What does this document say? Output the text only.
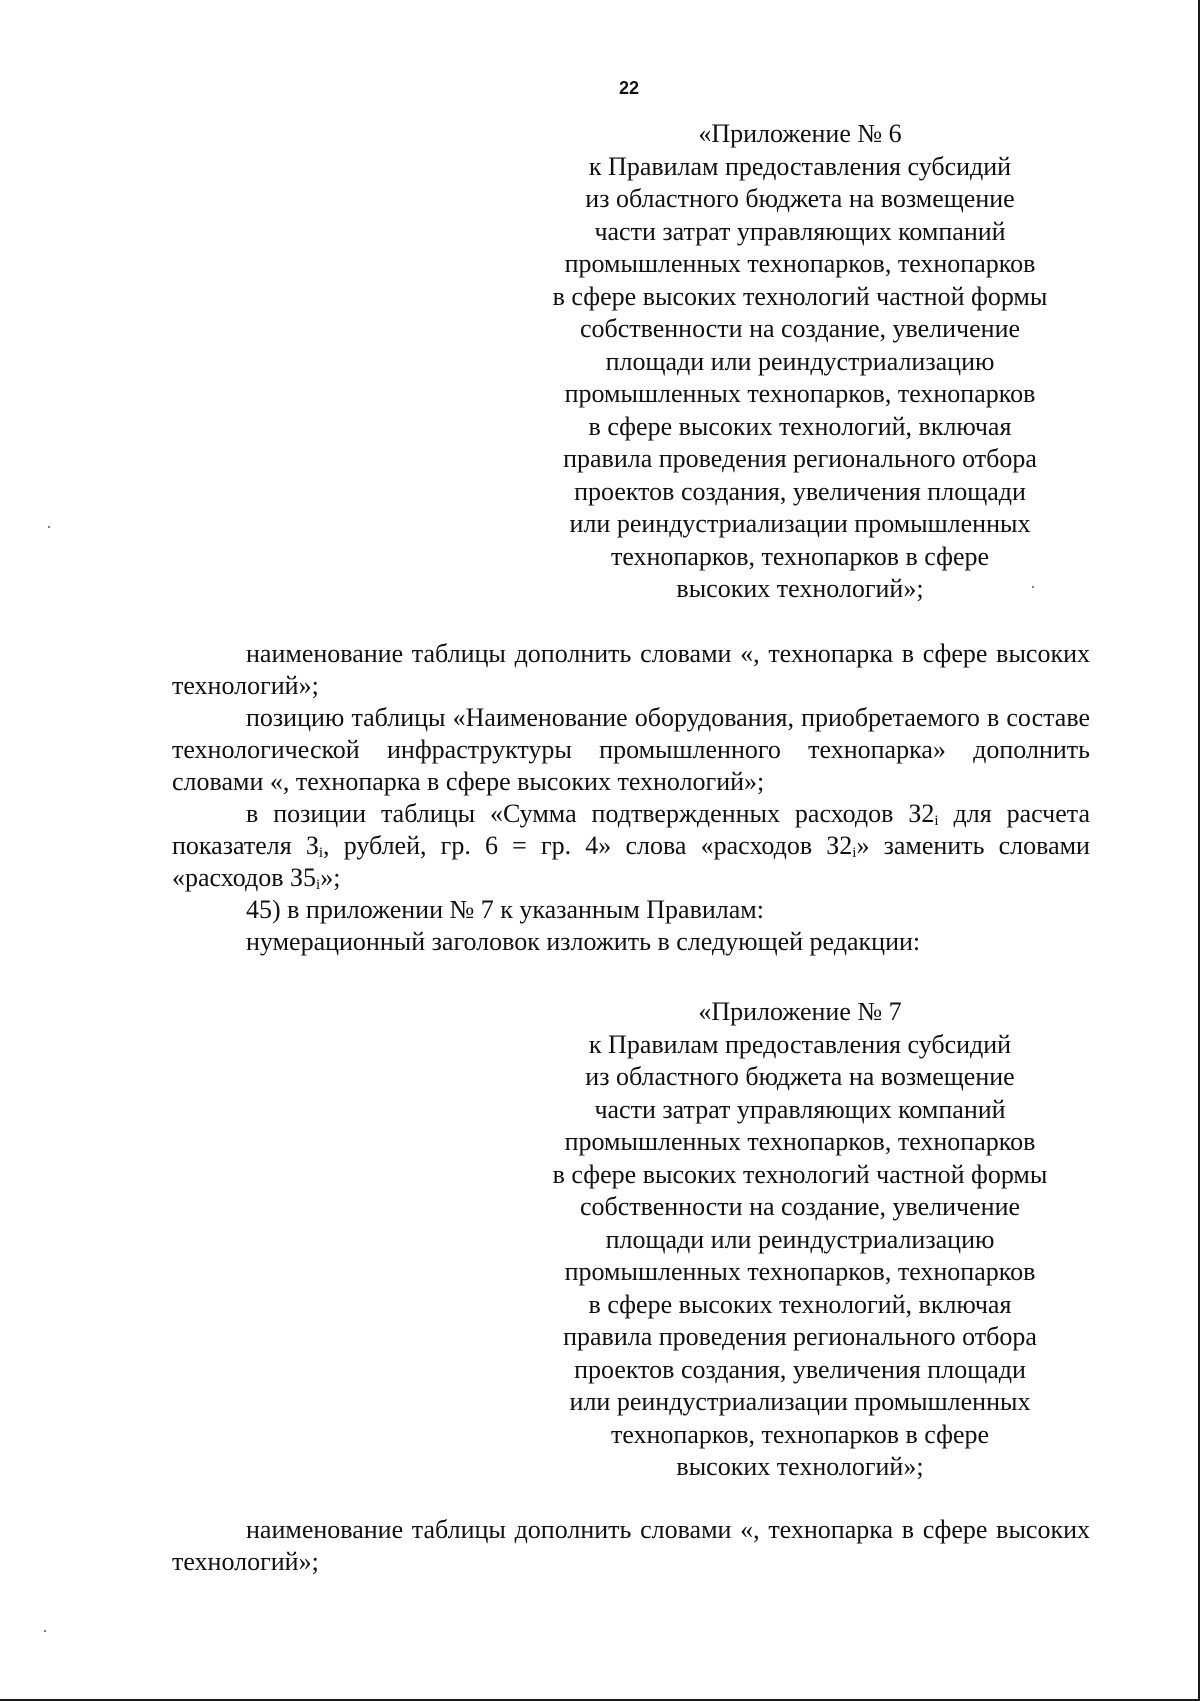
22
«Приложение № 6
к Правилам предоставления субсидий
из областного бюджета на возмещение
части затрат управляющих компаний
промышленных технопарков, технопарков
в сфере высоких технологий частной формы
собственности на создание, увеличение
площади или реиндустриализацию
промышленных технопарков, технопарков
в сфере высоких технологий, включая
правила проведения регионального отбора
проектов создания, увеличения площади
или реиндустриализации промышленных
технопарков, технопарков в сфере
высоких технологий»;

наименование таблицы дополнить словами «, технопарка в сфере высоких технологий»;

позицию таблицы «Наименование оборудования, приобретаемого в составе технологической инфраструктуры промышленного технопарка» дополнить словами «, технопарка в сфере высоких технологий»;

в позиции таблицы «Сумма подтвержденных расходов $З2_i$ для расчета показателя $З_i$, рублей, гр. 6 = гр. 4» слова «расходов $З2_i$» заменить словами «расходов $З5_i$»;

45) в приложении № 7 к указанным Правилам:

нумерационный заголовок изложить в следующей редакции:

«Приложение № 7
к Правилам предоставления субсидий
из областного бюджета на возмещение
части затрат управляющих компаний
промышленных технопарков, технопарков
в сфере высоких технологий частной формы
собственности на создание, увеличение
площади или реиндустриализацию
промышленных технопарков, технопарков
в сфере высоких технологий, включая
правила проведения регионального отбора
проектов создания, увеличения площади
или реиндустриализации промышленных
технопарков, технопарков в сфере
высоких технологий»;

наименование таблицы дополнить словами «, технопарка в сфере высоких технологий»;
